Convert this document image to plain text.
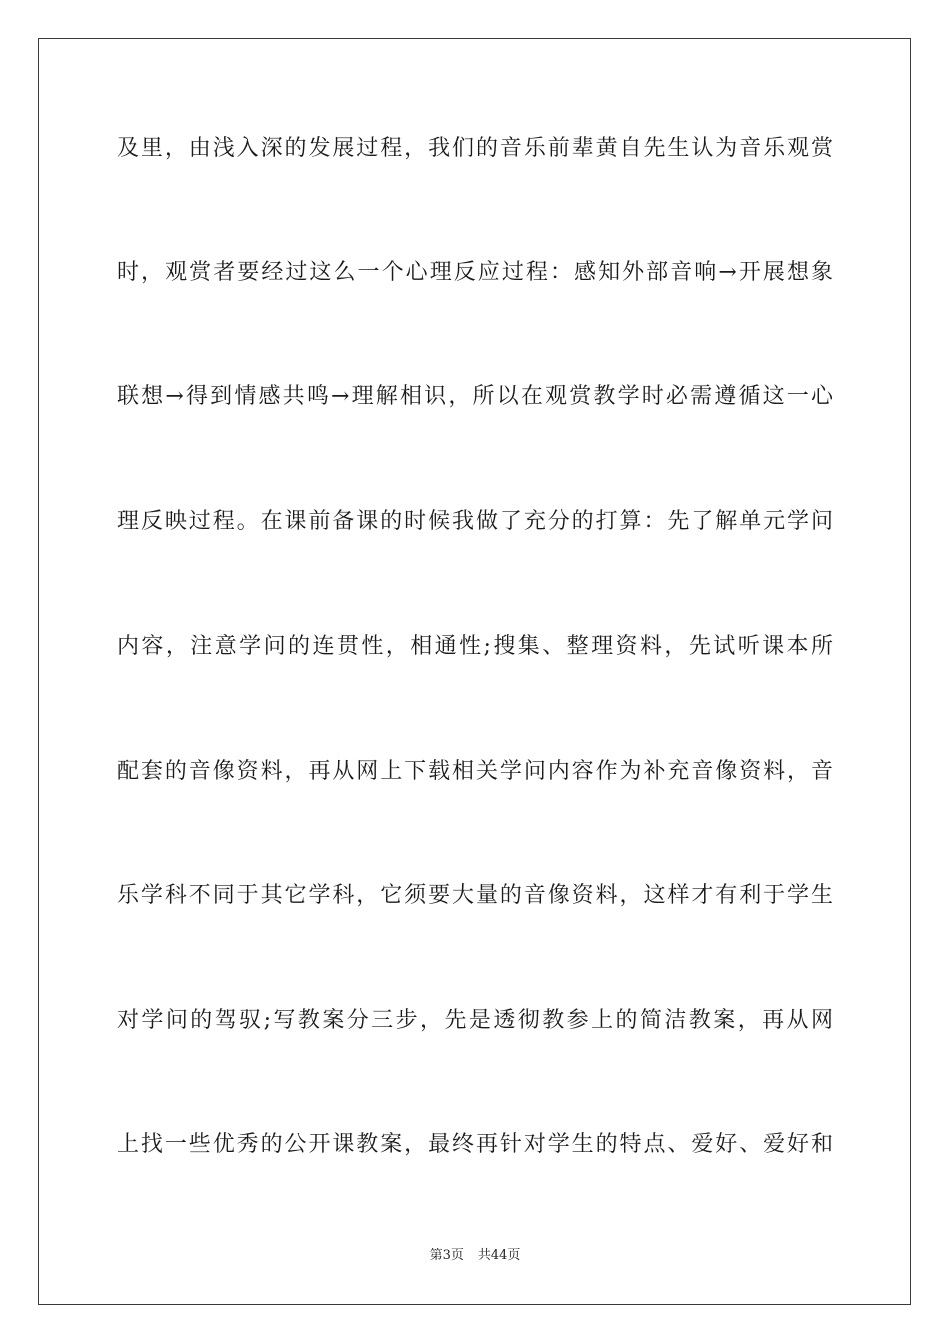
及里，由浅入深的发展过程，我们的音乐前辈黄自先生认为音乐观赏
时，观赏者要经过这么一个心理反应过程：感知外部音响→开展想象
联想→得到情感共鸣→理解相识，所以在观赏教学时必需遵循这一心
理反映过程。在课前备课的时候我做了充分的打算：先了解单元学问
内容，注意学问的连贯性，相通性;搜集、整理资料，先试听课本所
配套的音像资料，再从网上下载相关学问内容作为补充音像资料，音
乐学科不同于其它学科，它须要大量的音像资料，这样才有利于学生
对学问的驾驭;写教案分三步，先是透彻教参上的简洁教案，再从网
上找一些优秀的公开课教案，最终再针对学生的特点、爱好、爱好和
第3页 共44页
